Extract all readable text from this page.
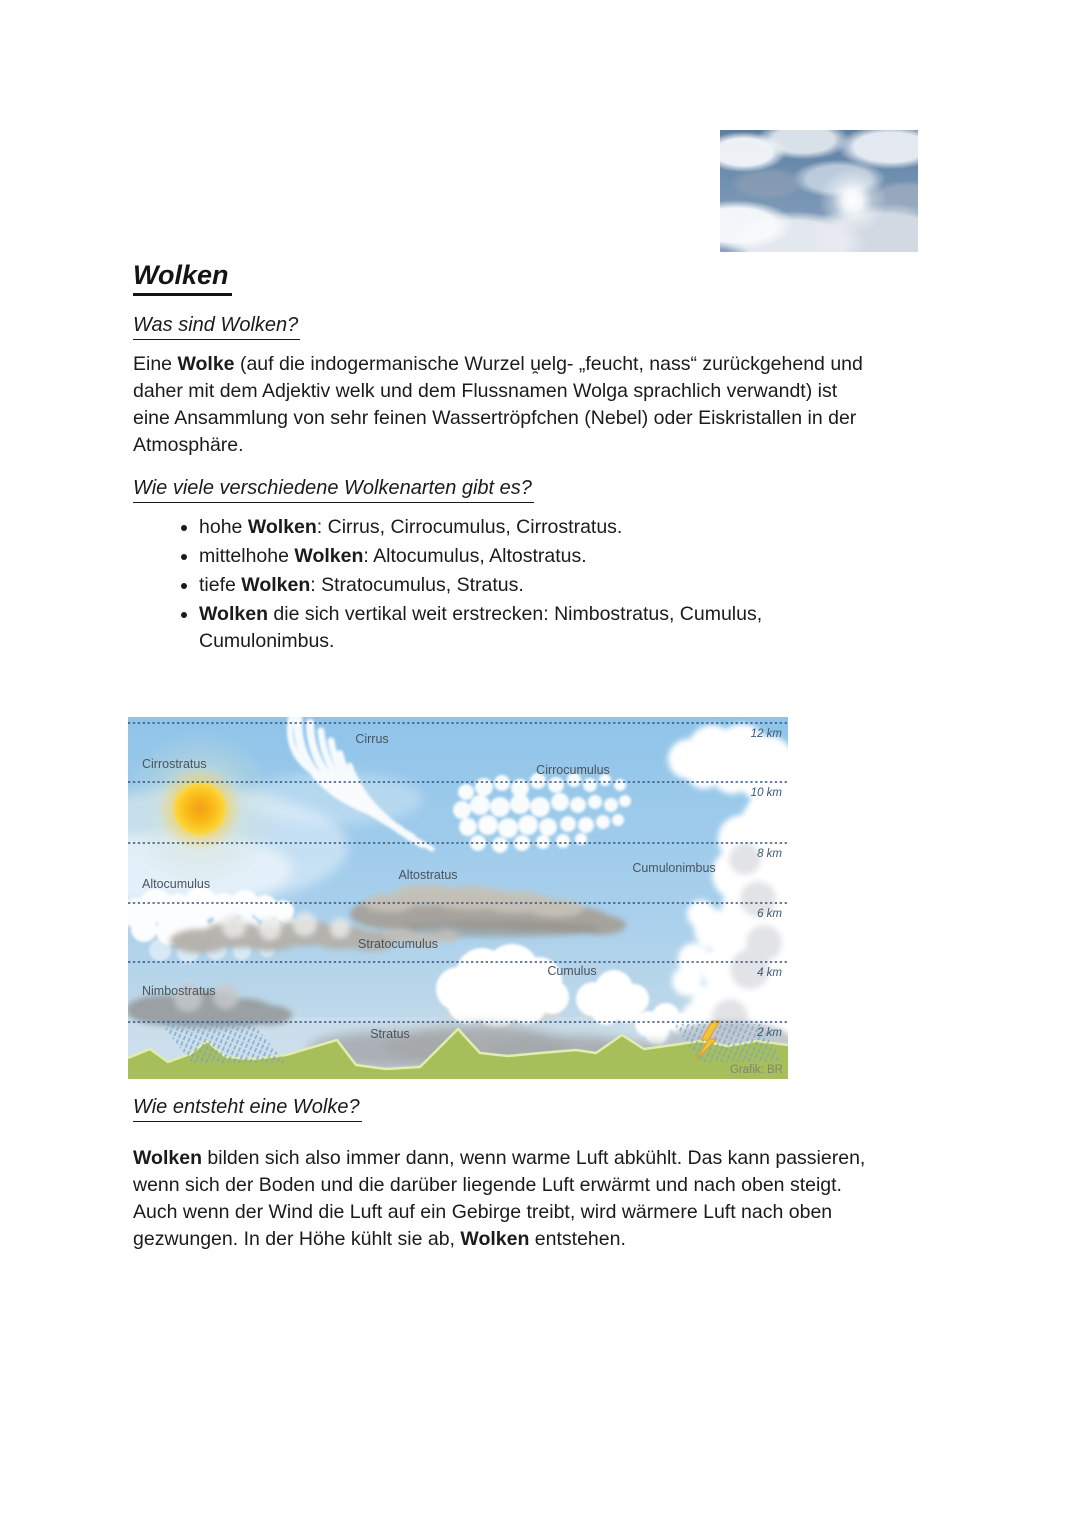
Wolken
Was sind Wolken?

Eine Wolke (auf die indogermanische Wurzel u̯elg- „feucht, nass“ zurückgehend und
daher mit dem Adjektiv welk und dem Flussnamen Wolga sprachlich verwandt) ist
eine Ansammlung von sehr feinen Wassertröpfchen (Nebel) oder Eiskristallen in der
Atmosphäre.

Wie viele verschiedene Wolkenarten gibt es?
• hohe Wolken: Cirrus, Cirrocumulus, Cirrostratus.
• mittelhohe Wolken: Altocumulus, Altostratus.
• tiefe Wolken: Stratocumulus, Stratus.
• Wolken die sich vertikal weit erstrecken: Nimbostratus, Cumulus,
Cumulonimbus.
12 km
10 km
8 km
6 km
4 km
2 km
Cirrus
Cirrostratus	Cirrocumulus
Altocumulus
Altostratus	Cumulonimbus
Stratocumulus
Cumulus
Nimbostratus
Stratus
Grafik: BR
Wie entsteht eine Wolke?

Wolken bilden sich also immer dann, wenn warme Luft abkühlt. Das kann passieren,
wenn sich der Boden und die darüber liegende Luft erwärmt und nach oben steigt.
Auch wenn der Wind die Luft auf ein Gebirge treibt, wird wärmere Luft nach oben
gezwungen. In der Höhe kühlt sie ab, Wolken entstehen.
